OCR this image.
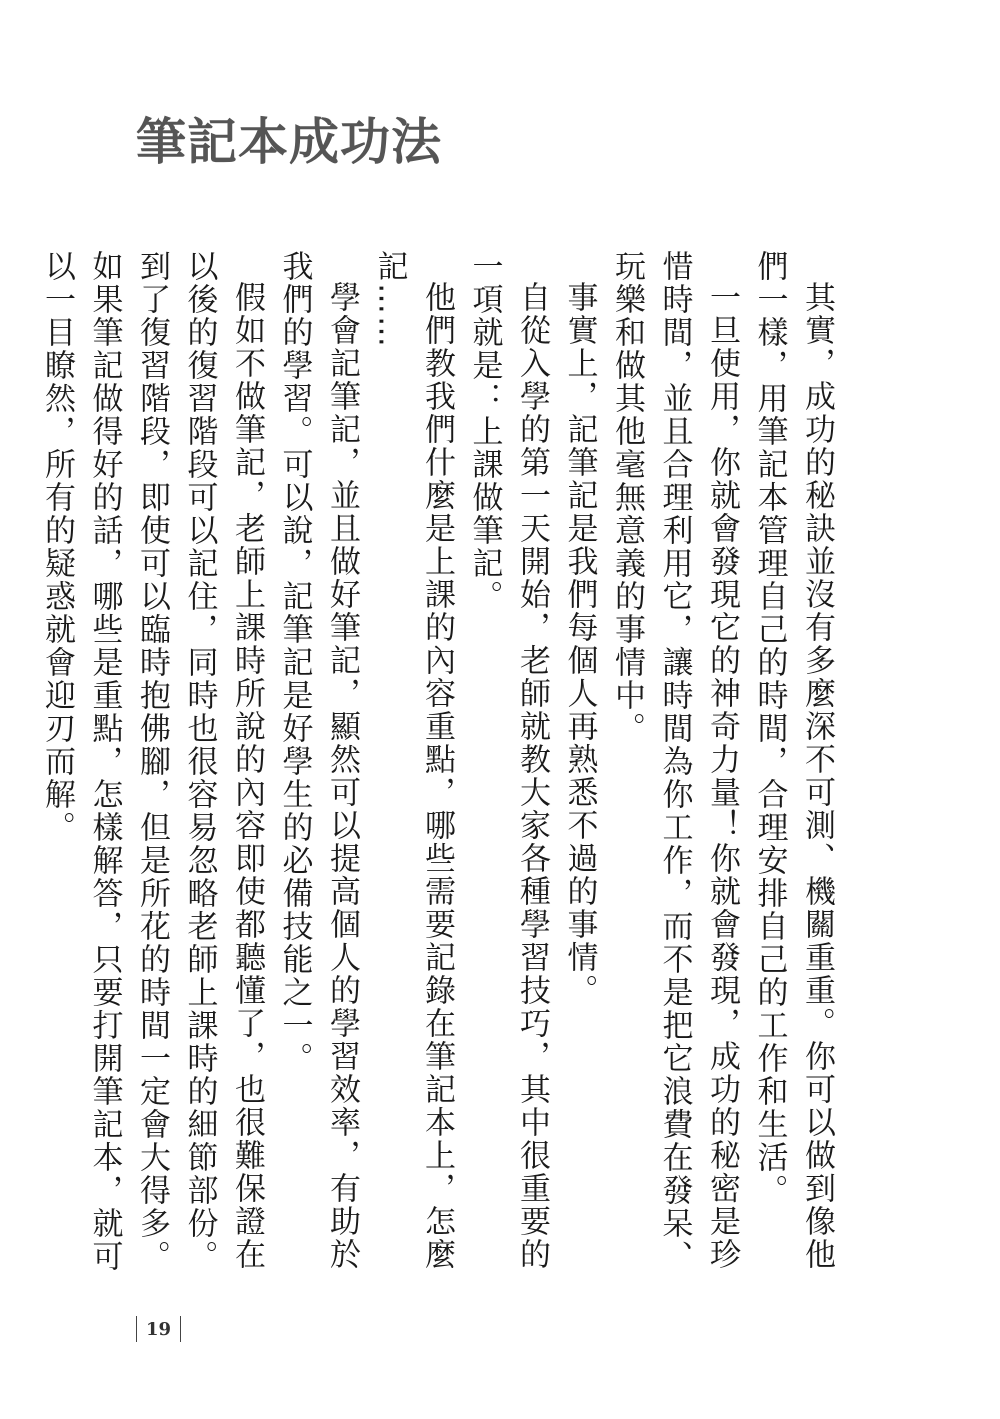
筆記本成功法

其實，成功的秘訣並沒有多麼深不可測、機關重重。你可以做到像他們一樣，用筆記本管理自己的時間，合理安排自己的工作和生活。

一旦使用，你就會發現它的神奇力量！你就會發現，成功的秘密是珍惜時間，並且合理利用它，讓時間為你工作，而不是把它浪費在發呆、玩樂和做其他毫無意義的事情中。

事實上，記筆記是我們每個人再熟悉不過的事情。

自從入學的第一天開始，老師就教大家各種學習技巧，其中很重要的一項就是：上課做筆記。

他們教我們什麼是上課的內容重點，哪些需要記錄在筆記本上，怎麼記……

學會記筆記，並且做好筆記，顯然可以提高個人的學習效率，有助於我們的學習。可以說，記筆記是好學生的必備技能之一。

假如不做筆記，老師上課時所說的內容即使都聽懂了，也很難保證在以後的復習階段可以記住，同時也很容易忽略老師上課時的細節部份。到了復習階段，即使可以臨時抱佛腳，但是所花的時間一定會大得多。如果筆記做得好的話，哪些是重點，怎樣解答，只要打開筆記本，就可以一目瞭然，所有的疑惑就會迎刃而解。

19
